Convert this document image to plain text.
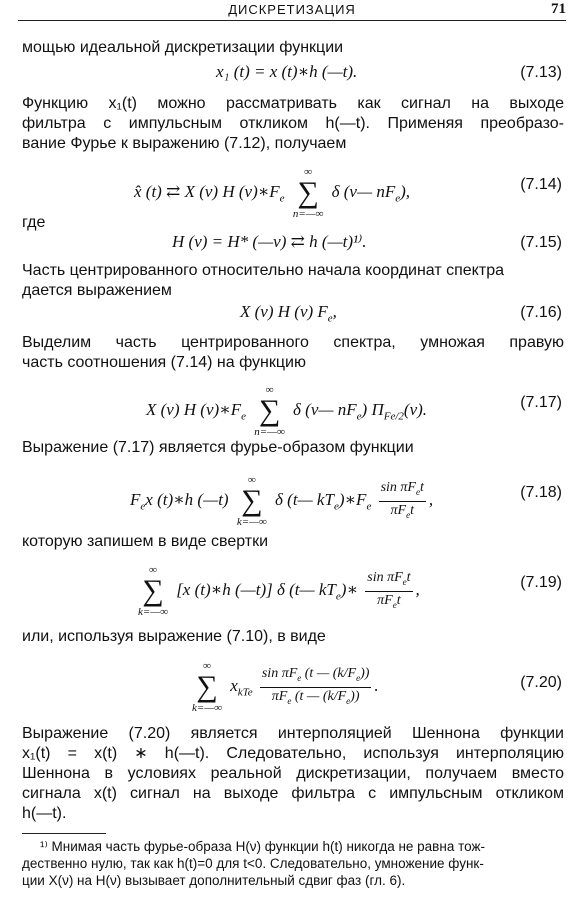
ДИСКРЕТИЗАЦИЯ	71
мощью идеальной дискретизации функции
x₁ (t) = x (t)∗h (—t).	(7.13)
Функцию x₁(t) можно рассматривать как сигнал на выходе
фильтра с импульсным откликом h(—t). Применяя преобразо-
вание Фурье к выражению (7.12), получаем
x̂ (t) ⇄ X (ν) H $(\nu)∗F_e$
∞
∑
n=—∞
δ (ν— $nF_e$),	(7.14)
где
H (ν) = H* (—ν) ⇄ h (—t)¹⁾.	(7.15)
Часть центрированного относительно начала координат спектра
дается выражением
X (ν) H (ν) $F_e$,	(7.16)
Выделим часть центрированного спектра, умножая правую
часть соотношения (7.14) на функцию
X (ν) H $(\nu)∗F_e$
∞
∑
n=—∞
δ (ν— $nF_e$) $\Pi_{Fe/2}(\nu)$.	(7.17)
Выражение (7.17) является фурье-образом функции
$F_ex$ (t)∗h (—t)
∞
∑
k=—∞
δ (t— $kT_e)∗F_e \frac{\sin \pi F_et}{\pi F_et}$ ,	(7.18)
которую запишем в виде свертки
∞
∑
k=—∞
[x (t)∗h (—t)] δ (t— $kT_e)∗ \frac{\sin \pi F_et}{\pi F_et}$ ,	(7.19)
или, используя выражение (7.10), в виде
∞
∑
k=—∞
$x_{kTe} \frac{\sin \pi F_e (t — (k/F_e))}{\pi F_e (t — (k/F_e))}$ .	(7.20)
Выражение (7.20) является интерполяцией Шеннона функции
x₁(t) = x(t) ∗ h(—t). Следовательно, используя интерполяцию
Шеннона в условиях реальной дискретизации, получаем вместо
сигнала x(t) сигнал на выходе фильтра с импульсным откликом
h(—t).
¹⁾ Мнимая часть фурье-образа H(ν) функции h(t) никогда не равна тож-
дественно нулю, так как h(t)=0 для t<0. Следовательно, умножение функ-
ции X(ν) на H(ν) вызывает дополнительный сдвиг фаз (гл. 6).
